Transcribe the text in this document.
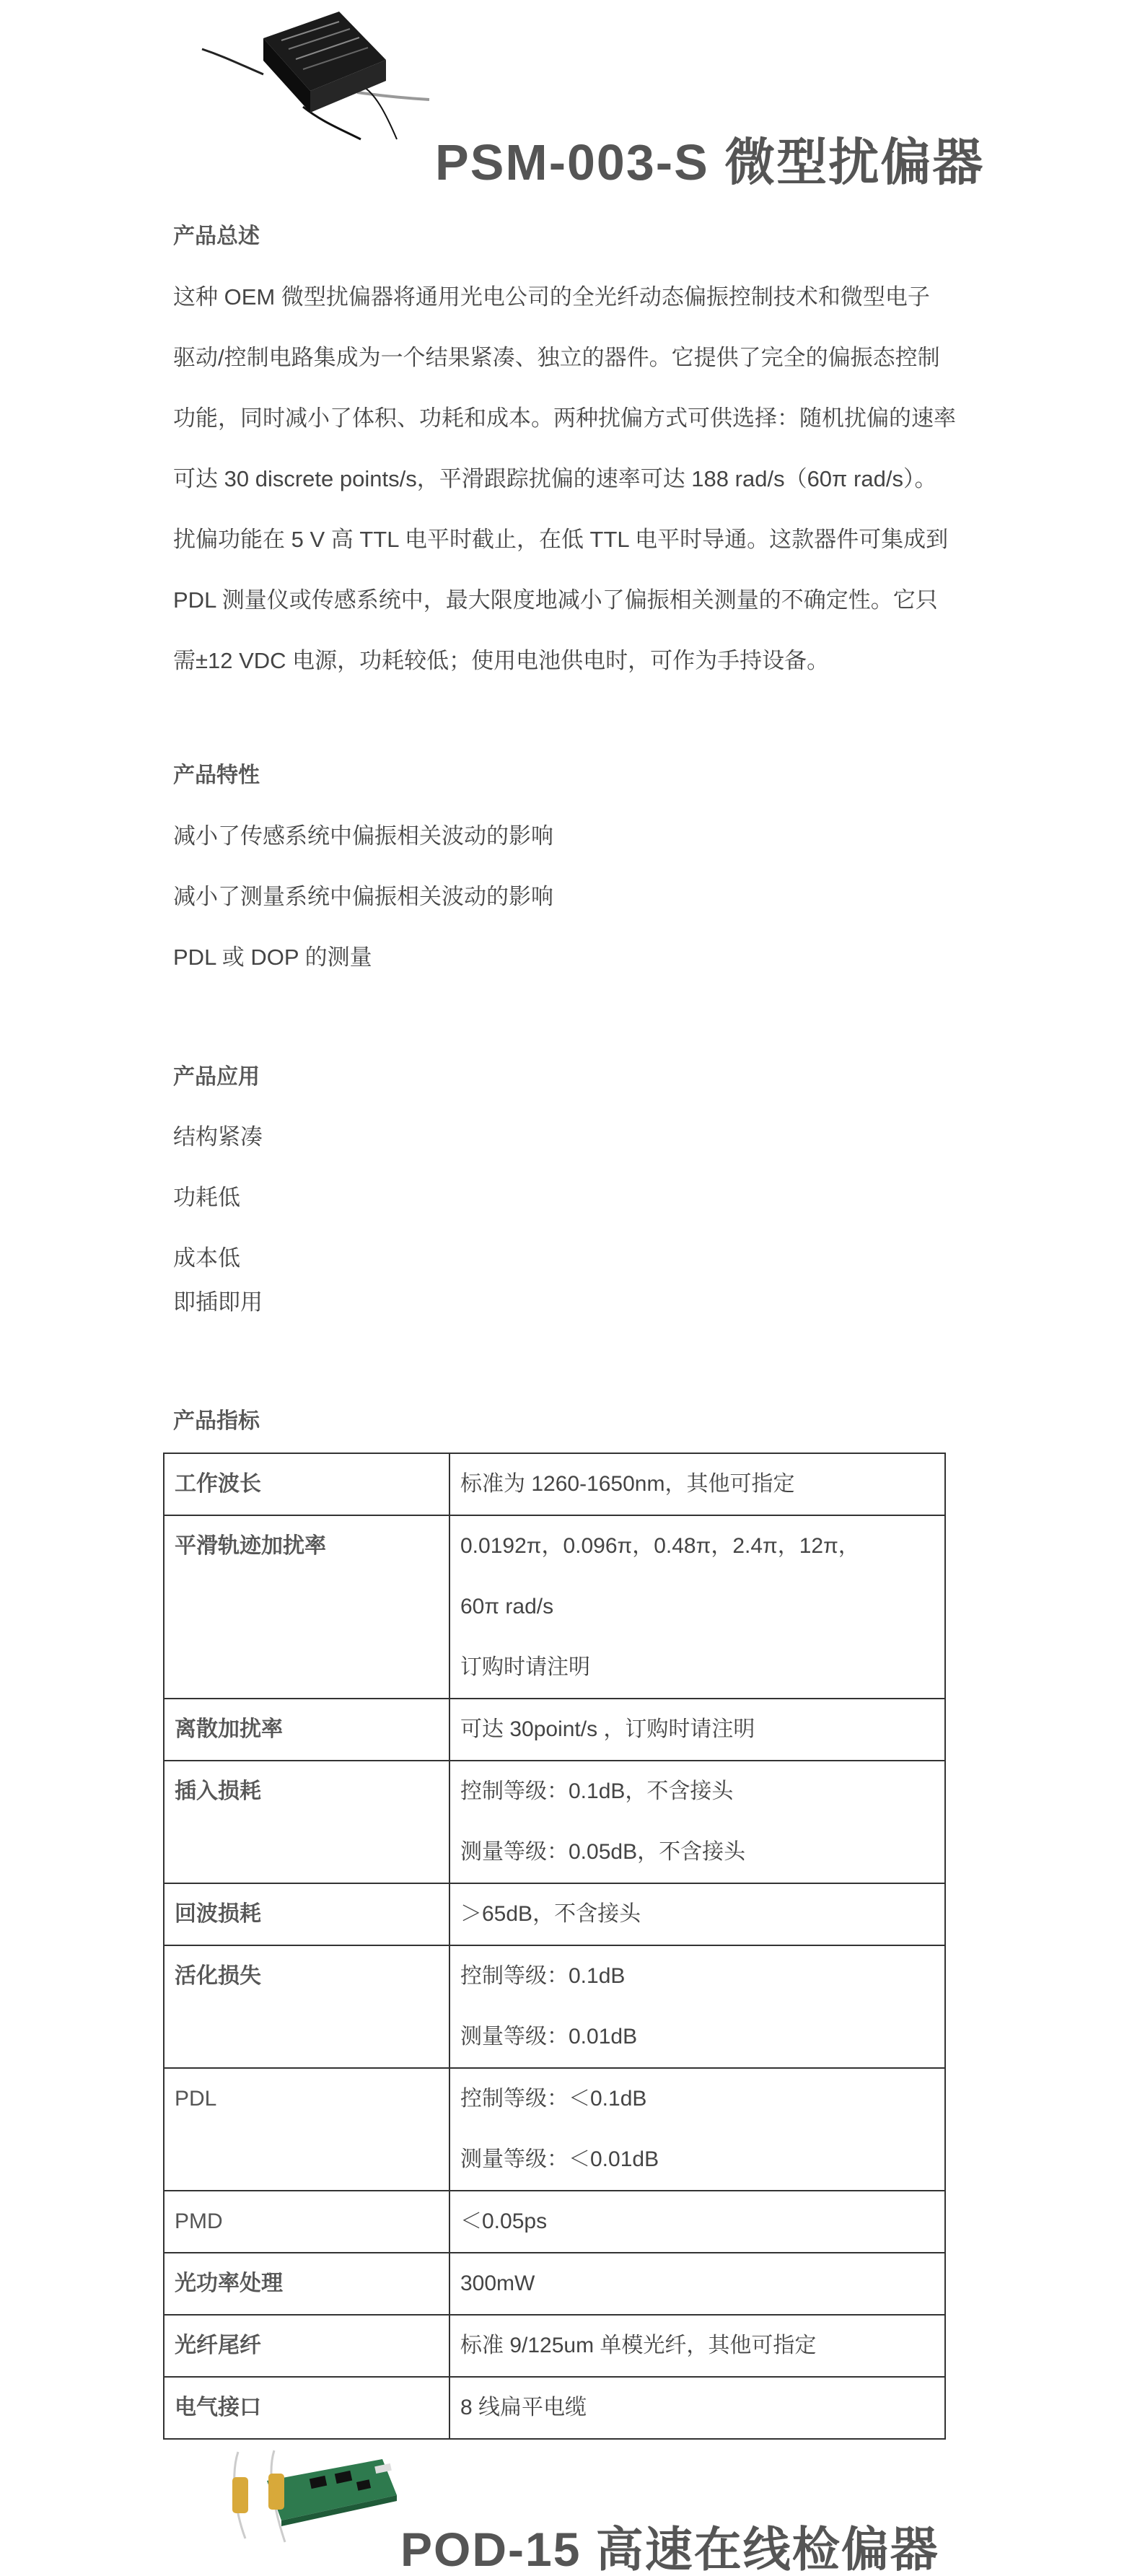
PSM-003-S 微型扰偏器
产品总述
这种 OEM 微型扰偏器将通用光电公司的全光纤动态偏振控制技术和微型电子
驱动/控制电路集成为一个结果紧凑、独立的器件。它提供了完全的偏振态控制
功能，同时减小了体积、功耗和成本。两种扰偏方式可供选择：随机扰偏的速率
可达 30 discrete points/s，平滑跟踪扰偏的速率可达 188 rad/s（60π rad/s）。
扰偏功能在 5 V 高 TTL 电平时截止，在低 TTL 电平时导通。这款器件可集成到
PDL 测量仪或传感系统中，最大限度地减小了偏振相关测量的不确定性。它只
需±12 VDC 电源，功耗较低；使用电池供电时，可作为手持设备。
产品特性
减小了传感系统中偏振相关波动的影响
减小了测量系统中偏振相关波动的影响
PDL 或 DOP 的测量
产品应用
结构紧凑
功耗低
成本低
即插即用
产品指标
工作波长	标准为 1260-1650nm，其他可指定

平滑轨迹加扰率	0.0192π，0.096π，0.48π，2.4π，12π，
60π rad/s
订购时请注明

离散加扰率	可达 30point/s ，订购时请注明

插入损耗	控制等级：0.1dB，不含接头
测量等级：0.05dB，不含接头

回波损耗	＞65dB，不含接头

活化损失	控制等级：0.1dB
测量等级：0.01dB

PDL	控制等级：＜0.1dB
测量等级：＜0.01dB

PMD	＜0.05ps

光功率处理	300mW

光纤尾纤	标准 9/125um 单模光纤，其他可指定

电气接口	8 线扁平电缆
POD-15 高速在线检偏器
